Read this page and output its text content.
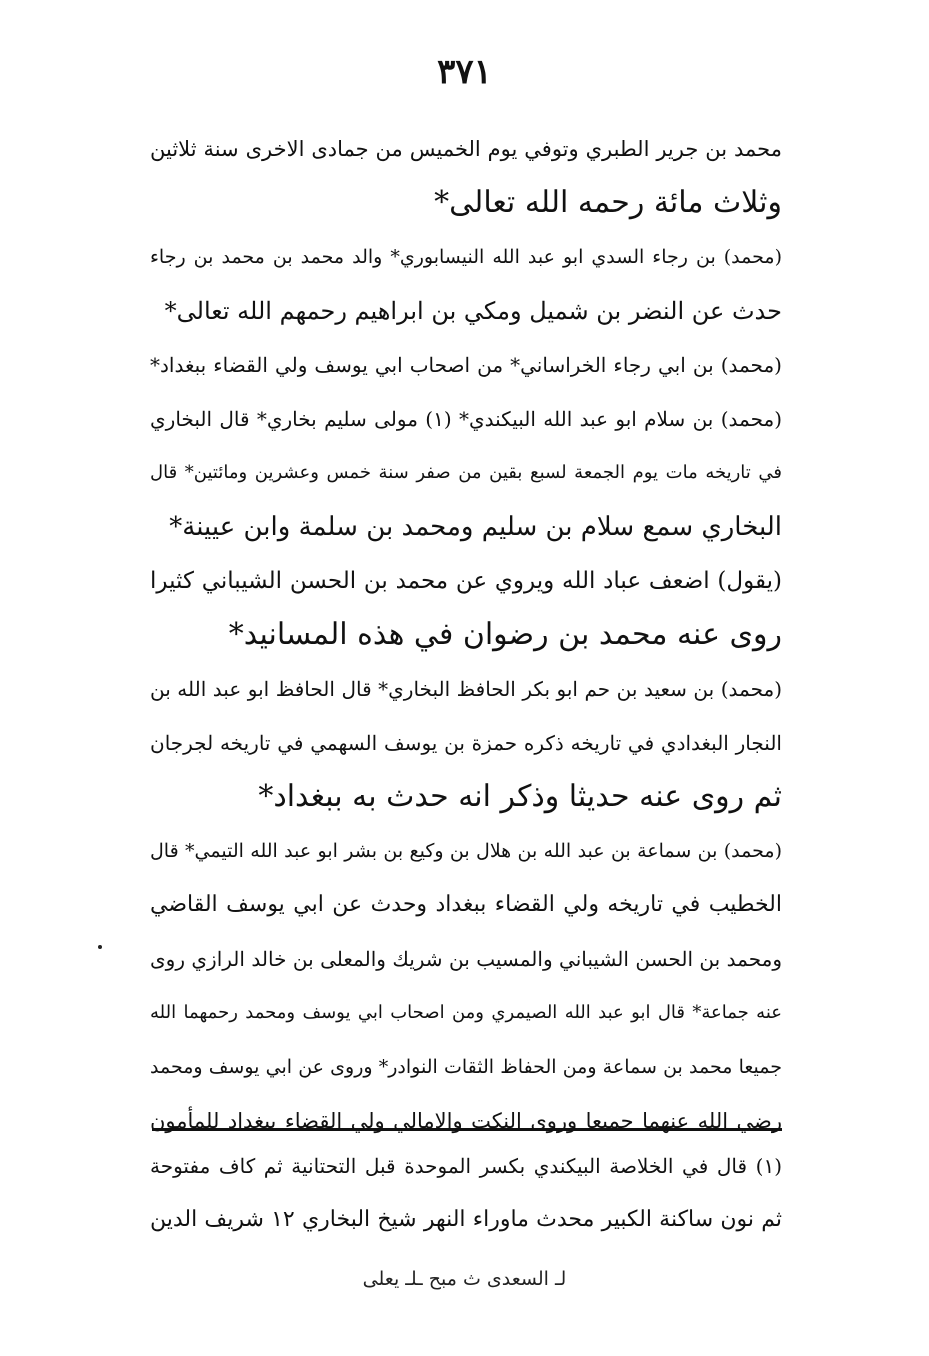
٣٧١
محمد بن جرير الطبري وتوفي يوم الخميس من جمادى الاخرى سنة ثلاثين
وثلاث مائة رحمه الله تعالى*
(محمد) بن رجاء السدي ابو عبد الله النيسابوري* والد محمد بن محمد بن رجاء
حدث عن النضر بن شميل ومكي بن ابراهيم رحمهم الله تعالى*
(محمد) بن ابي رجاء الخراساني* من اصحاب ابي يوسف ولي القضاء ببغداد*
(محمد) بن سلام ابو عبد الله البيكندي* (١) مولى سليم بخاري* قال البخاري
في تاريخه مات يوم الجمعة لسبع بقين من صفر سنة خمس وعشرين ومائتين* قال
البخاري سمع سلام بن سليم ومحمد بن سلمة وابن عيينة*
(يقول) اضعف عباد الله ويروي عن محمد بن الحسن الشيباني كثيرا
روى عنه محمد بن رضوان في هذه المسانيد*
(محمد) بن سعيد بن حم ابو بكر الحافظ البخاري* قال الحافظ ابو عبد الله بن
النجار البغدادي في تاريخه ذكره حمزة بن يوسف السهمي في تاريخه لجرجان
ثم روى عنه حديثا وذكر انه حدث به ببغداد*
(محمد) بن سماعة بن عبد الله بن هلال بن وكيع بن بشر ابو عبد الله التيمي* قال
الخطيب في تاريخه ولي القضاء ببغداد وحدث عن ابي يوسف القاضي
ومحمد بن الحسن الشيباني والمسيب بن شريك والمعلى بن خالد الرازي روى
عنه جماعة* قال ابو عبد الله الصيمري ومن اصحاب ابي يوسف ومحمد رحمهما الله
جميعا محمد بن سماعة ومن الحفاظ الثقات النوادر* وروى عن ابي يوسف ومحمد
رضي الله عنهما جميعا وروى النكت والامالي ولي القضاء ببغداد للمأمون
(١) قال في الخلاصة البيكندي بكسر الموحدة قبل التحتانية ثم كاف مفتوحة
ثم نون ساكنة الكبير محدث ماوراء النهر شيخ البخاري ١٢ شريف الدين
لـ السعدى ث مبح ـلـ يعلى
